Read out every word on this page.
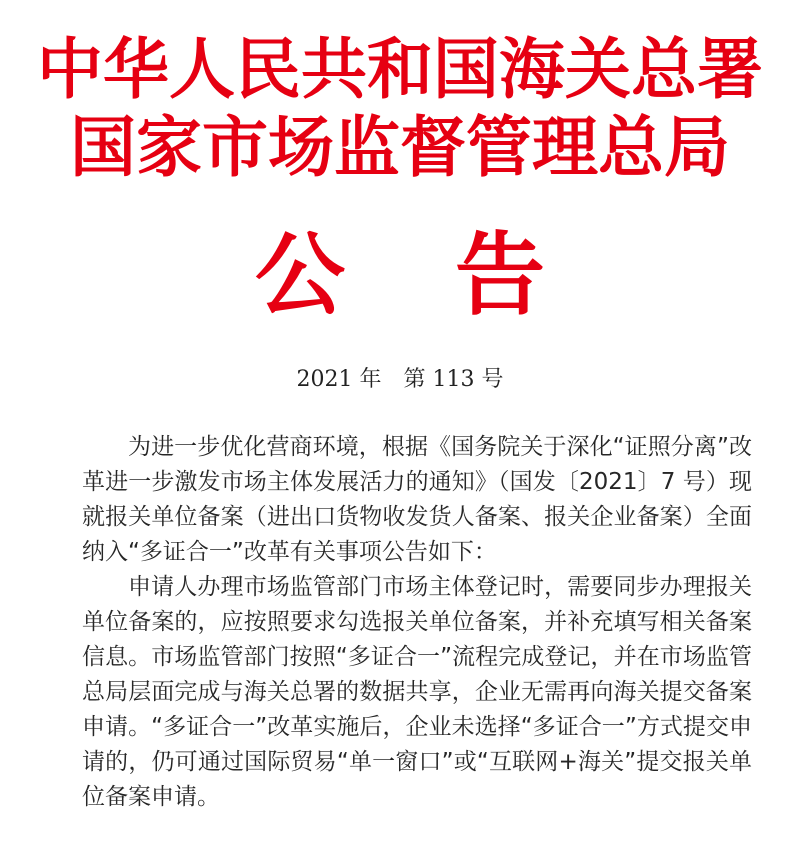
中华人民共和国海关总署
国家市场监督管理总局
公告
2021 年　第 113 号

为进一步优化营商环境，根据《国务院关于深化“证照分离”改革进一步激发市场主体发展活力的通知》（国发〔2021〕7 号）现就报关单位备案（进出口货物收发货人备案、报关企业备案）全面纳入“多证合一”改革有关事项公告如下：

申请人办理市场监管部门市场主体登记时，需要同步办理报关单位备案的，应按照要求勾选报关单位备案，并补充填写相关备案信息。市场监管部门按照“多证合一”流程完成登记，并在市场监管总局层面完成与海关总署的数据共享，企业无需再向海关提交备案申请。“多证合一”改革实施后，企业未选择“多证合一”方式提交申请的，仍可通过国际贸易“单一窗口”或“互联网+海关”提交报关单位备案申请。
